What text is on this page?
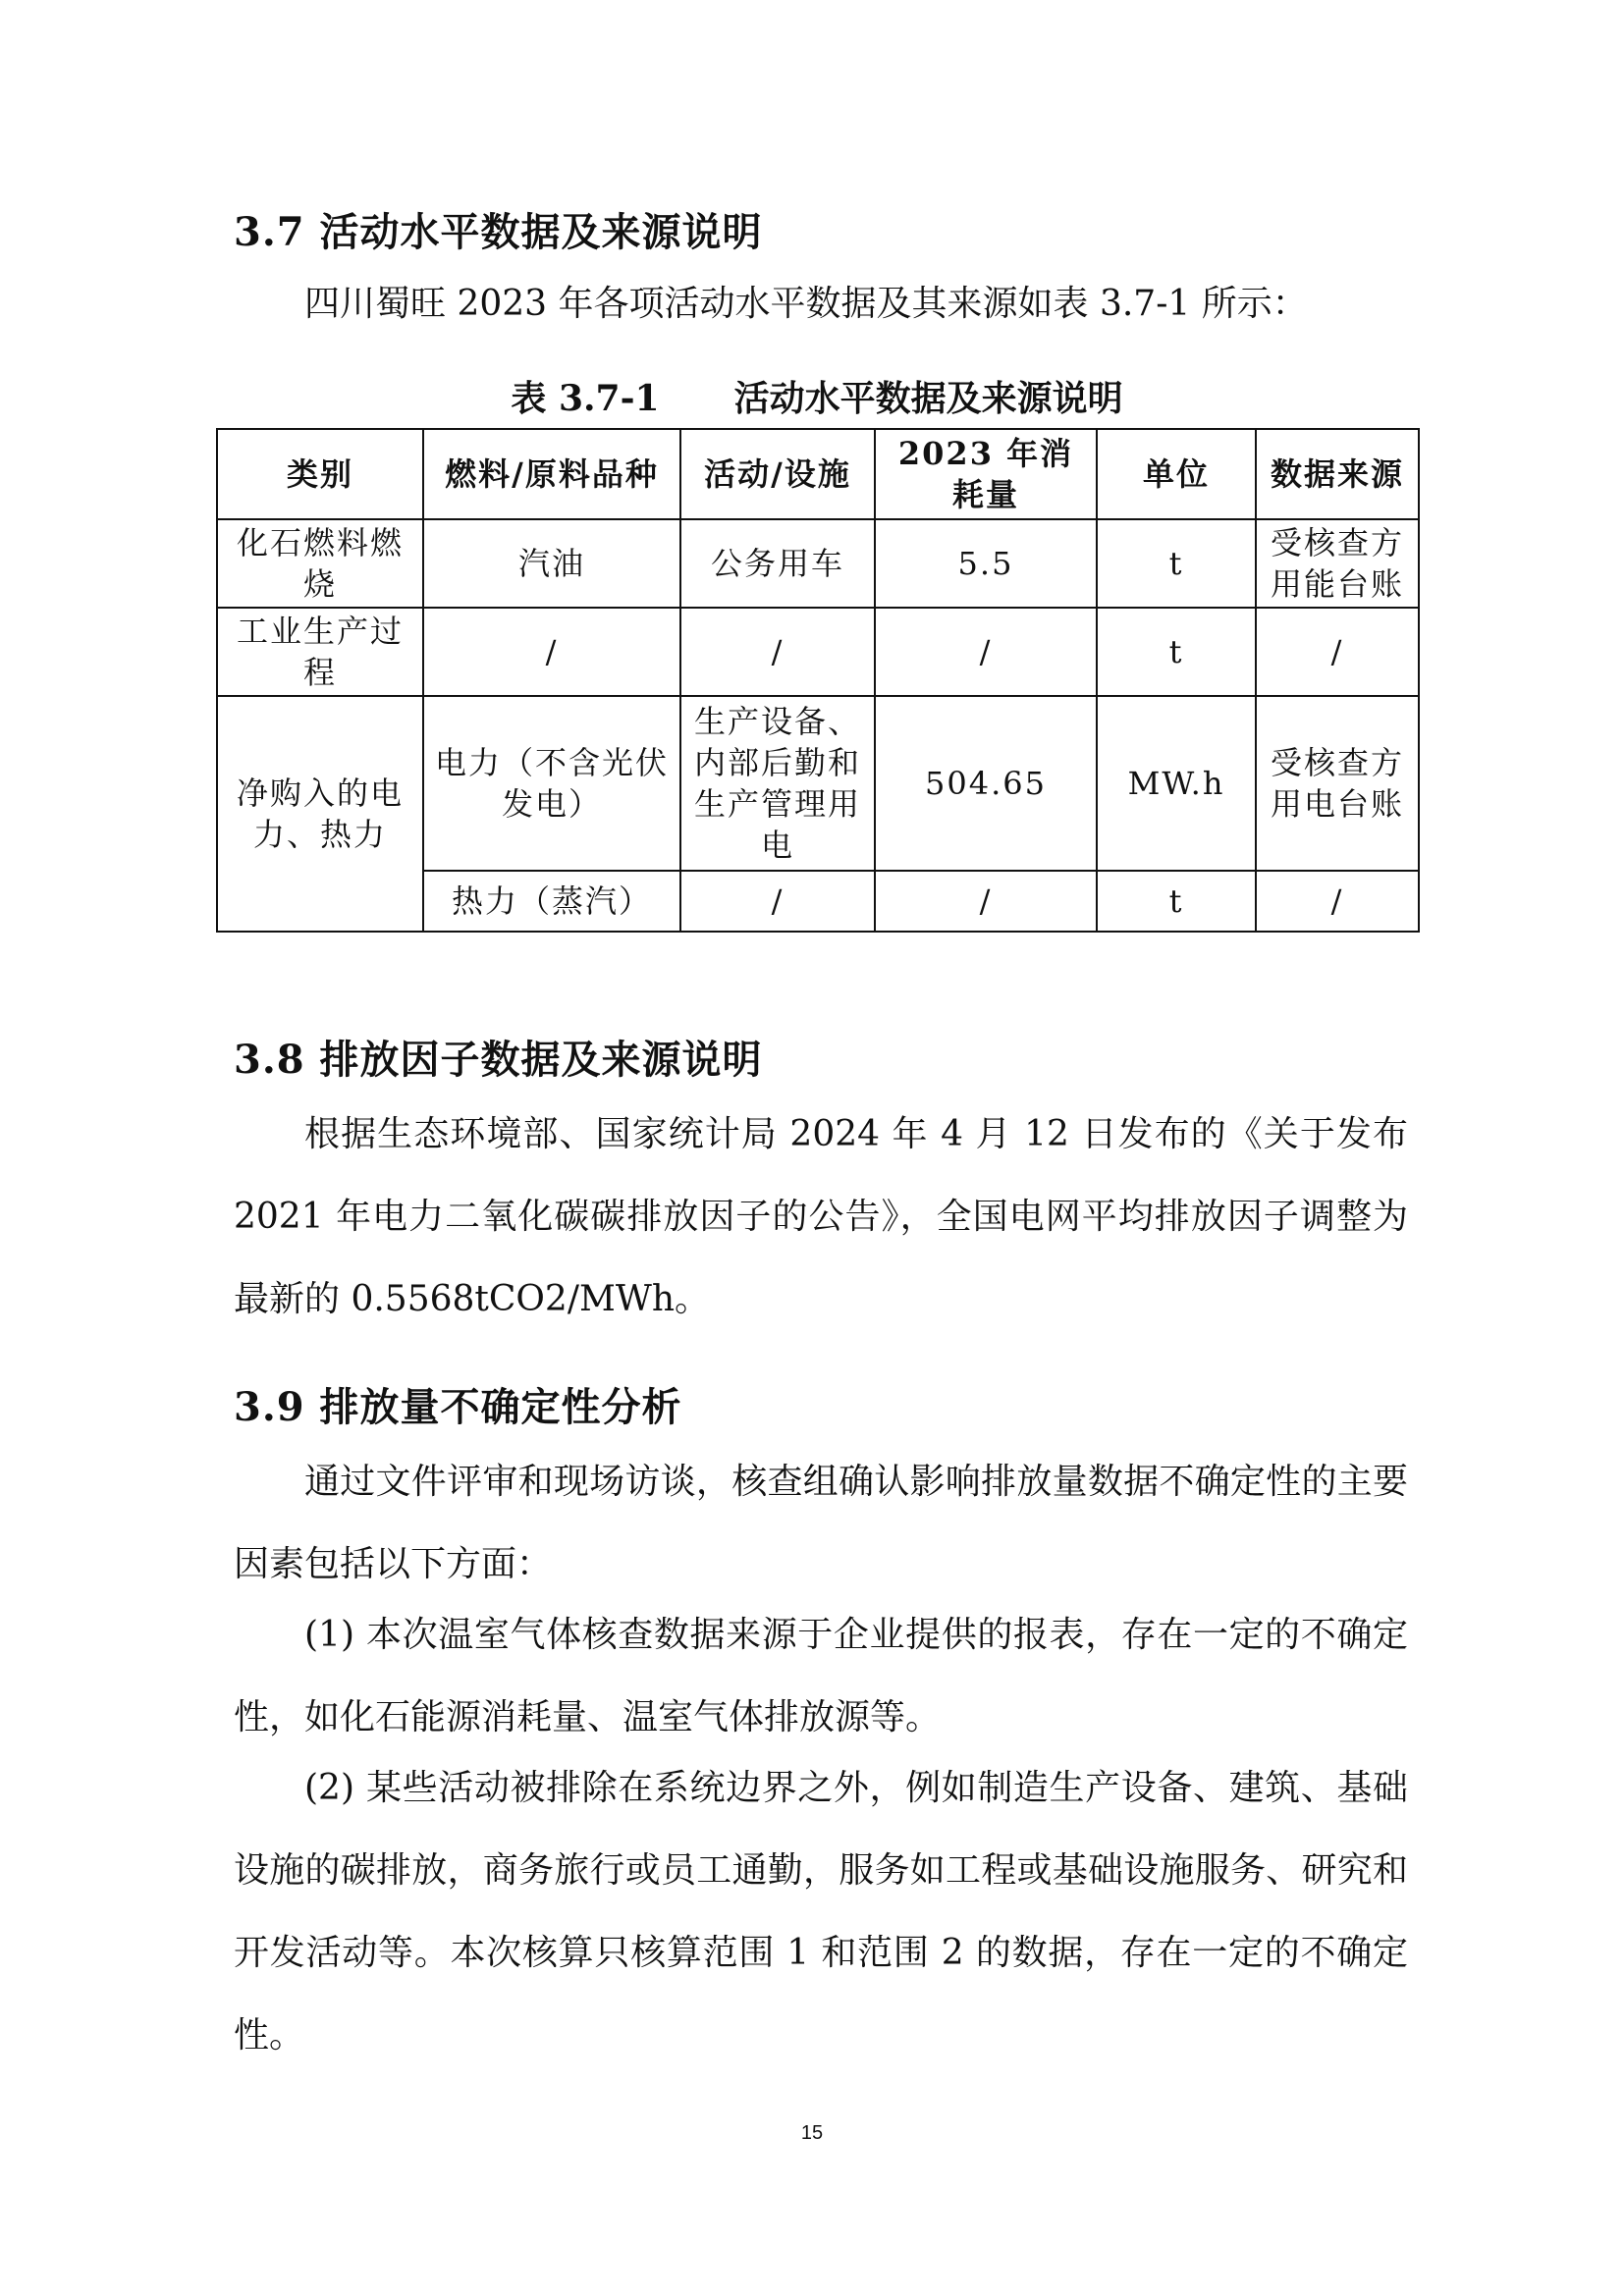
3.7 活动水平数据及来源说明

四川蜀旺 2023 年各项活动水平数据及其来源如表 3.7-1 所示：

表 3.7-1 活动水平数据及来源说明

类别	燃料/原料品种	活动/设施	2023 年消耗量	单位	数据来源
化石燃料燃烧	汽油	公务用车	5.5	t	受核查方用能台账
工业生产过程	/	/	/	t	/
净购入的电力、热力	电力（不含光伏发电）	生产设备、内部后勤和生产管理用电	504.65	MW.h	受核查方用电台账
	热力（蒸汽）	/	/	t	/
3.8 排放因子数据及来源说明

根据生态环境部、国家统计局 2024 年 4 月 12 日发布的《关于发布 2021 年电力二氧化碳碳排放因子的公告》，全国电网平均排放因子调整为最新的 0.5568tCO2/MWh。

3.9 排放量不确定性分析

通过文件评审和现场访谈，核查组确认影响排放量数据不确定性的主要因素包括以下方面：

(1) 本次温室气体核查数据来源于企业提供的报表，存在一定的不确定性，如化石能源消耗量、温室气体排放源等。

(2) 某些活动被排除在系统边界之外，例如制造生产设备、建筑、基础设施的碳排放，商务旅行或员工通勤，服务如工程或基础设施服务、研究和开发活动等。本次核算只核算范围 1 和范围 2 的数据，存在一定的不确定性。

15
